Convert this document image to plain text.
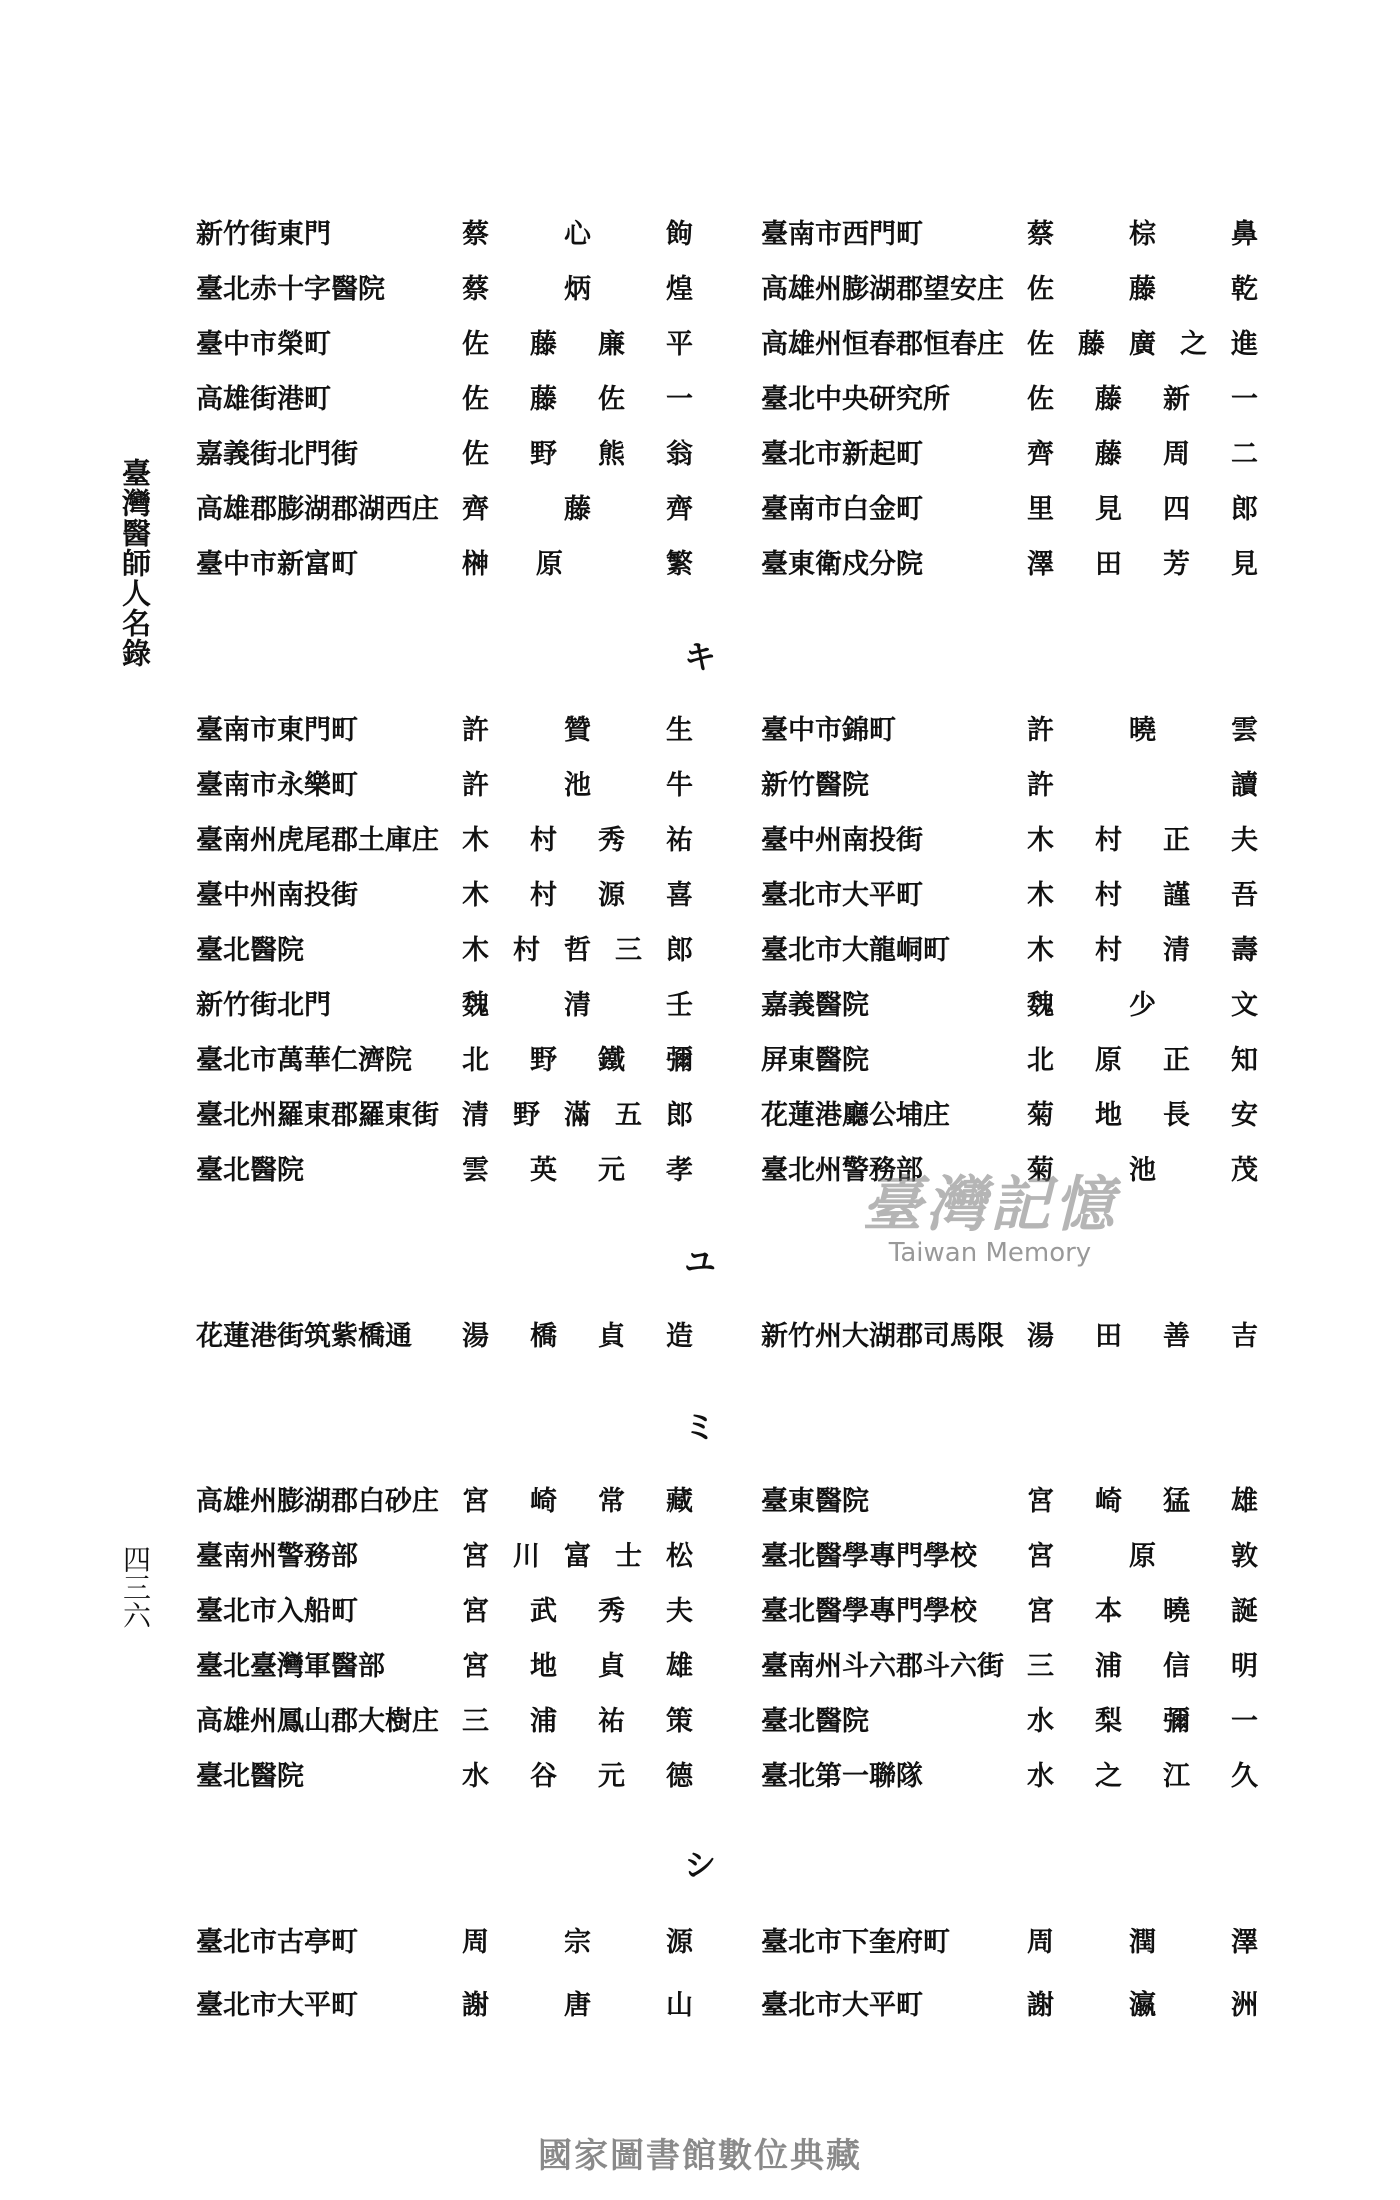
臺灣醫師人名錄
四三六
新竹街東門	蔡心䬲	臺南市西門町	蔡棕鼻
臺北赤十字醫院	蔡炳煌	高雄州膨湖郡望安庄 佐藤乾
臺中市榮町	佐藤廉平	高雄州恒春郡恒春庄 佐藤廣之進
高雄街港町	佐藤佐一	臺北中央研究所	佐藤新一
嘉義街北門街	佐野熊翁	臺北市新起町	齊藤周二
高雄郡膨湖郡湖西庄 齊藤齊	臺南市白金町	里見四郎
臺中市新富町	榊原 繁	臺東衛戍分院	澤田芳見
キ
臺南市東門町	許贊生	臺中市錦町	許曉雲
臺南市永樂町	許池牛	新竹醫院	許讀
臺南州虎尾郡土庫庄 木村秀祐	臺中州南投街	木村正夫
臺中州南投街	木村源喜	臺北市大平町	木村謹吾
臺北醫院	木村哲三郎	臺北市大龍峒町	木村清壽
新竹街北門	魏清壬	嘉義醫院	魏少文
臺北市萬華仁濟院	北野鐵彌	屏東醫院	北原正知
臺北州羅東郡羅東街 清野滿五郎	花蓮港廳公埔庄	菊地長安
臺北醫院	雲英元孝	臺北州警務部	菊池茂
ユ
花蓮港街筑紫橋通	湯橋貞造	新竹州大湖郡司馬限 湯田善吉
ミ
高雄州膨湖郡白砂庄 宮崎常藏	臺東醫院	宮崎猛雄
臺南州警務部	宮川富士松	臺北醫學專門學校	宮原敦
臺北市入船町	宮武秀夫	臺北醫學專門學校	宮本曉誕
臺北臺灣軍醫部	宮地貞雄	臺南州斗六郡斗六街 三浦信明
高雄州鳳山郡大樹庄 三浦祐策	臺北醫院	水梨彌一
臺北醫院	水谷元德	臺北第一聯隊	水之江久
シ
臺北市古亭町	周宗源	臺北市下奎府町	周潤澤
臺北市大平町	謝唐山	臺北市大平町	謝瀛洲
臺灣記憶
Taiwan Memory
國家圖書館數位典藏
